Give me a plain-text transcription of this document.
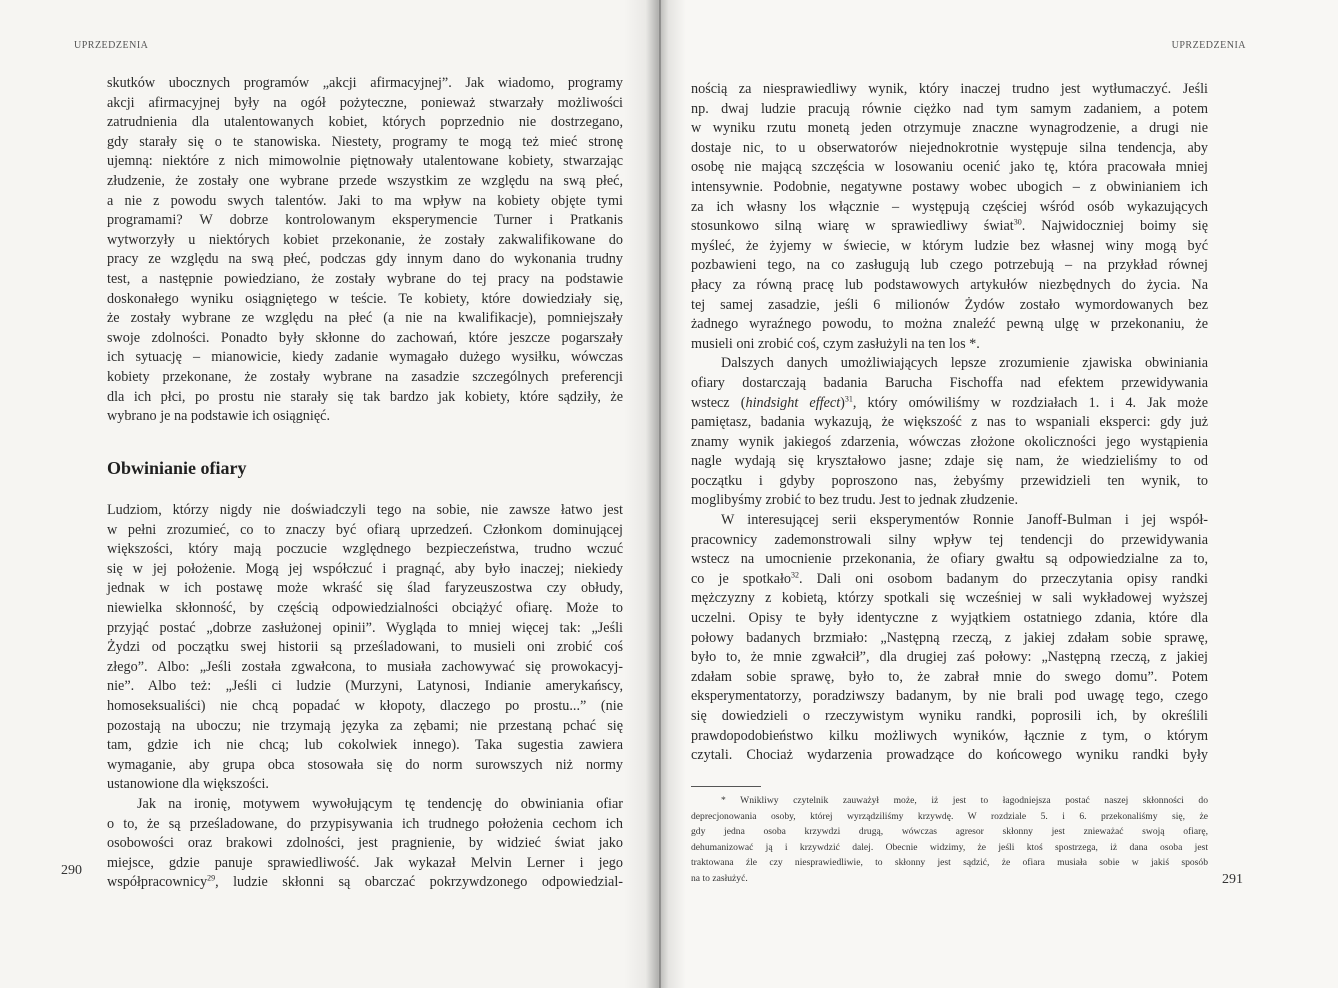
UPRZEDZENIA
skutków ubocznych programów „akcji afirmacyjnej”. Jak wiadomo, programy
akcji afirmacyjnej były na ogół pożyteczne, ponieważ stwarzały możliwości
zatrudnienia dla utalentowanych kobiet, których poprzednio nie dostrzegano,
gdy starały się o te stanowiska. Niestety, programy te mogą też mieć stronę
ujemną: niektóre z nich mimowolnie piętnowały utalentowane kobiety, stwarzając
złudzenie, że zostały one wybrane przede wszystkim ze względu na swą płeć,
a nie z powodu swych talentów. Jaki to ma wpływ na kobiety objęte tymi
programami? W dobrze kontrolowanym eksperymencie Turner i Pratkanis
wytworzyły u niektórych kobiet przekonanie, że zostały zakwalifikowane do
pracy ze względu na swą płeć, podczas gdy innym dano do wykonania trudny
test, a następnie powiedziano, że zostały wybrane do tej pracy na podstawie
doskonałego wyniku osiągniętego w teście. Te kobiety, które dowiedziały się,
że zostały wybrane ze względu na płeć (a nie na kwalifikacje), pomniejszały
swoje zdolności. Ponadto były skłonne do zachowań, które jeszcze pogarszały
ich sytuację – mianowicie, kiedy zadanie wymagało dużego wysiłku, wówczas
kobiety przekonane, że zostały wybrane na zasadzie szczególnych preferencji
dla ich płci, po prostu nie starały się tak bardzo jak kobiety, które sądziły, że
wybrano je na podstawie ich osiągnięć.
Obwinianie ofiary
Ludziom, którzy nigdy nie doświadczyli tego na sobie, nie zawsze łatwo jest
w pełni zrozumieć, co to znaczy być ofiarą uprzedzeń. Członkom dominującej
większości, który mają poczucie względnego bezpieczeństwa, trudno wczuć
się w jej położenie. Mogą jej współczuć i pragnąć, aby było inaczej; niekiedy
jednak w ich postawę może wkraść się ślad faryzeuszostwa czy obłudy,
niewielka skłonność, by częścią odpowiedzialności obciążyć ofiarę. Może to
przyjąć postać „dobrze zasłużonej opinii”. Wygląda to mniej więcej tak: „Jeśli
Żydzi od początku swej historii są prześladowani, to musieli oni zrobić coś
złego”. Albo: „Jeśli została zgwałcona, to musiała zachowywać się prowokacyj-
nie”. Albo też: „Jeśli ci ludzie (Murzyni, Latynosi, Indianie amerykańscy,
homoseksualiści) nie chcą popadać w kłopoty, dlaczego po prostu...” (nie
pozostają na uboczu; nie trzymają języka za zębami; nie przestaną pchać się
tam, gdzie ich nie chcą; lub cokolwiek innego). Taka sugestia zawiera
wymaganie, aby grupa obca stosowała się do norm surowszych niż normy
ustanowione dla większości.
Jak na ironię, motywem wywołującym tę tendencję do obwiniania ofiar
o to, że są prześladowane, do przypisywania ich trudnego położenia cechom ich
osobowości oraz brakowi zdolności, jest pragnienie, by widzieć świat jako
miejsce, gdzie panuje sprawiedliwość. Jak wykazał Melvin Lerner i jego
współpracownicy$^{29}$, ludzie skłonni są obarczać pokrzywdzonego odpowiedzial-
290
UPRZEDZENIA
nością za niesprawiedliwy wynik, który inaczej trudno jest wytłumaczyć. Jeśli
np. dwaj ludzie pracują równie ciężko nad tym samym zadaniem, a potem
w wyniku rzutu monetą jeden otrzymuje znaczne wynagrodzenie, a drugi nie
dostaje nic, to u obserwatorów niejednokrotnie występuje silna tendencja, aby
osobę nie mającą szczęścia w losowaniu ocenić jako tę, która pracowała mniej
intensywnie. Podobnie, negatywne postawy wobec ubogich – z obwinianiem ich
za ich własny los włącznie – występują częściej wśród osób wykazujących
stosunkowo silną wiarę w sprawiedliwy świat$^{30}$. Najwidoczniej boimy się
myśleć, że żyjemy w świecie, w którym ludzie bez własnej winy mogą być
pozbawieni tego, na co zasługują lub czego potrzebują – na przykład równej
płacy za równą pracę lub podstawowych artykułów niezbędnych do życia. Na
tej samej zasadzie, jeśli 6 milionów Żydów zostało wymordowanych bez
żadnego wyraźnego powodu, to można znaleźć pewną ulgę w przekonaniu, że
musieli oni zrobić coś, czym zasłużyli na ten los *.
Dalszych danych umożliwiających lepsze zrozumienie zjawiska obwiniania
ofiary dostarczają badania Barucha Fischoffa nad efektem przewidywania
wstecz (hindsight effect)$^{31}$, który omówiliśmy w rozdziałach 1. i 4. Jak może
pamiętasz, badania wykazują, że większość z nas to wspaniali eksperci: gdy już
znamy wynik jakiegoś zdarzenia, wówczas złożone okoliczności jego wystąpienia
nagle wydają się kryształowo jasne; zdaje się nam, że wiedzieliśmy to od
początku i gdyby poproszono nas, żebyśmy przewidzieli ten wynik, to
moglibyśmy zrobić to bez trudu. Jest to jednak złudzenie.
W interesującej serii eksperymentów Ronnie Janoff-Bulman i jej współ-
pracownicy zademonstrowali silny wpływ tej tendencji do przewidywania
wstecz na umocnienie przekonania, że ofiary gwałtu są odpowiedzialne za to,
co je spotkało$^{32}$. Dali oni osobom badanym do przeczytania opisy randki
mężczyzny z kobietą, którzy spotkali się wcześniej w sali wykładowej wyższej
uczelni. Opisy te były identyczne z wyjątkiem ostatniego zdania, które dla
połowy badanych brzmiało: „Następną rzeczą, z jakiej zdałam sobie sprawę,
było to, że mnie zgwałcił”, dla drugiej zaś połowy: „Następną rzeczą, z jakiej
zdałam sobie sprawę, było to, że zabrał mnie do swego domu”. Potem
eksperymentatorzy, poradziwszy badanym, by nie brali pod uwagę tego, czego
się dowiedzieli o rzeczywistym wyniku randki, poprosili ich, by określili
prawdopodobieństwo kilku możliwych wyników, łącznie z tym, o którym
czytali. Chociaż wydarzenia prowadzące do końcowego wyniku randki były
* Wnikliwy czytelnik zauważył może, iż jest to łagodniejsza postać naszej skłonności do
deprecjonowania osoby, której wyrządziliśmy krzywdę. W rozdziale 5. i 6. przekonaliśmy się, że
gdy jedna osoba krzywdzi drugą, wówczas agresor skłonny jest znieważać swoją ofiarę,
dehumanizować ją i krzywdzić dalej. Obecnie widzimy, że jeśli ktoś spostrzega, iż dana osoba jest
traktowana źle czy niesprawiedliwie, to skłonny jest sądzić, że ofiara musiała sobie w jakiś sposób
na to zasłużyć.	291
